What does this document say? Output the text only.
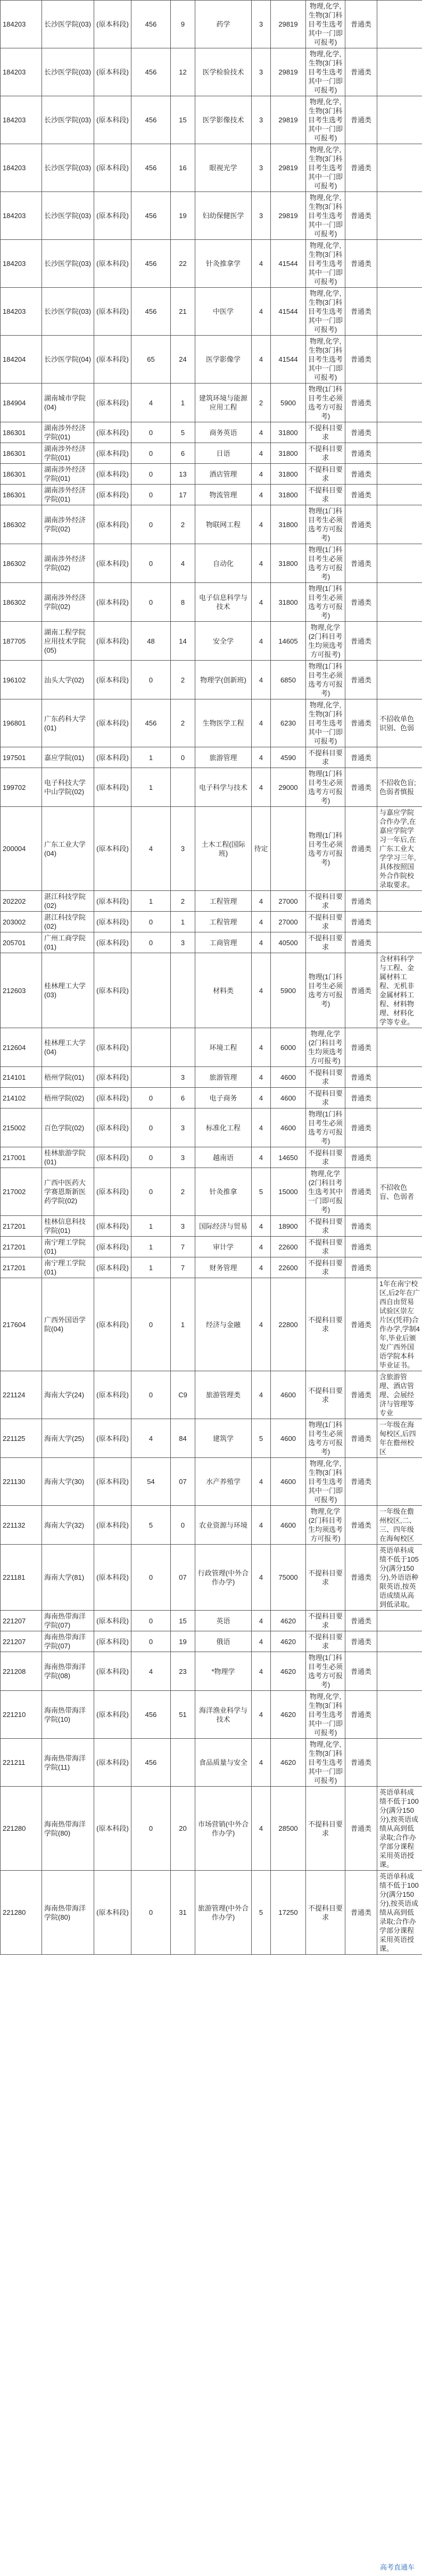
184203	长沙医学院(03)	(原本科段)	456	9	药学	3	29819	物理,化学,生物(3门科目考生选考其中一门即可报考)	普通类	
184203	长沙医学院(03)	(原本科段)	456	12	医学检验技术	3	29819	物理,化学,生物(3门科目考生选考其中一门即可报考)	普通类	
184203	长沙医学院(03)	(原本科段)	456	15	医学影像技术	3	29819	物理,化学,生物(3门科目考生选考其中一门即可报考)	普通类	
184203	长沙医学院(03)	(原本科段)	456	16	眼视光学	3	29819	物理,化学,生物(3门科目考生选考其中一门即可报考)	普通类	
184203	长沙医学院(03)	(原本科段)	456	19	妇幼保健医学	3	29819	物理,化学,生物(3门科目考生选考其中一门即可报考)	普通类	
184203	长沙医学院(03)	(原本科段)	456	22	针灸推拿学	4	41544	物理,化学,生物(3门科目考生选考其中一门即可报考)	普通类	
184203	长沙医学院(03)	(原本科段)	456	21	中医学	4	41544	物理,化学,生物(3门科目考生选考其中一门即可报考)	普通类	
184204	长沙医学院(04)	(原本科段)	65	24	医学影像学	4	41544	物理,化学,生物(3门科目考生选考其中一门即可报考)	普通类	
184904	湖南城市学院(04)	(原本科段)	4	1	建筑环境与能源应用工程	2	5900	物理(1门科目考生必须选考方可报考)	普通类	
186301	湖南涉外经济学院(01)	(原本科段)	0	5	商务英语	4	31800	不提科目要求	普通类	
186301	湖南涉外经济学院(01)	(原本科段)	0	6	日语	4	31800	不提科目要求	普通类	
186301	湖南涉外经济学院(01)	(原本科段)	0	13	酒店管理	4	31800	不提科目要求	普通类	
186301	湖南涉外经济学院(01)	(原本科段)	0	17	物流管理	4	31800	不提科目要求	普通类	
186302	湖南涉外经济学院(02)	(原本科段)	0	2	物联网工程	4	31800	物理(1门科目考生必须选考方可报考)	普通类	
186302	湖南涉外经济学院(02)	(原本科段)	0	4	自动化	4	31800	物理(1门科目考生必须选考方可报考)	普通类	
186302	湖南涉外经济学院(02)	(原本科段)	0	8	电子信息科学与技术	4	31800	物理(1门科目考生必须选考方可报考)	普通类	
187705	湖南工程学院应用技术学院(05)	(原本科段)	48	14	安全学	4	14605	物理,化学(2门科目考生均须选考方可报考)	普通类	
196102	汕头大学(02)	(原本科段)	0	2	物理学(创新班)	4	6850	物理(1门科目考生必须选考方可报考)	普通类	
196801	广东药科大学(01)	(原本科段)	456	2	生物医学工程	4	6230	物理,化学,生物(3门科目考生选考其中一门即可报考)	普通类	不招收单色识别、色弱
197501	嘉应学院(01)	(原本科段)	1	0	旅游管理	4	4590	不提科目要求	普通类	
199702	电子科技大学中山学院(02)	(原本科段)	1		电子科学与技术	4	29000	物理(1门科目考生必须选考方可报考)	普通类	不招收色盲;色弱者慎报
200004	广东工业大学(04)	(原本科段)	4	3	土木工程(国际班)	待定		物理(1门科目考生必须选考方可报考)	普通类	与嘉应学院合作办学,在嘉应学院学习一年后,在广东工业大学学习三年,具体按照国外合作院校录取要求。
202202	湛江科技学院(02)	(原本科段)	1	2	工程管理	4	27000	不提科目要求	普通类	
203002	湛江科技学院(02)	(原本科段)	0	1	工程管理	4	27000	不提科目要求	普通类	
205701	广州工商学院(01)	(原本科段)	0	3	工商管理	4	40500	不提科目要求	普通类	
212603	桂林理工大学(03)	(原本科段)			材料类	4	5900	物理(1门科目考生必须选考方可报考)	普通类	含材料科学与工程、金属材料工程、无机非金属材料工程、材料物理、材料化学等专业。
212604	桂林理工大学(04)	(原本科段)			环境工程	4	6000	物理,化学(2门科目考生均须选考方可报考)	普通类	
214101	梧州学院(01)	(原本科段)		3	旅游管理	4	4600	不提科目要求	普通类	
214102	梧州学院(02)	(原本科段)	0	6	电子商务	4	4600	不提科目要求	普通类	
215002	百色学院(02)	(原本科段)	0	3	标准化工程	4	4600	物理(1门科目考生必须选考方可报考)	普通类	
217001	桂林旅游学院(01)	(原本科段)	0	3	越南语	4	14650	不提科目要求	普通类	
217002	广西中医药大学赛恩斯新医药学院(02)	(原本科段)	0	2	针灸推拿	5	15000	物理,化学(2门科目考生选考其中一门即可报考)	普通类	不招收色盲、色弱者
217201	桂林信息科技学院(01)	(原本科段)	1	3	国际经济与贸易	4	18900	不提科目要求	普通类	
217201	南宁理工学院(01)	(原本科段)	1	7	审计学	4	22600	不提科目要求	普通类	
217201	南宁理工学院(01)	(原本科段)	1	7	财务管理	4	22600	不提科目要求	普通类	
217604	广西外国语学院(04)	(原本科段)	0	1	经济与金融	4	22800	不提科目要求	普通类	1年在南宁校区,后2年在广西自由贸易试验区崇左片区(凭祥)合作办学,学制4年,毕业后颁发广西外国语学院本科毕业证书。
221124	海南大学(24)	(原本科段)	0	C9	旅游管理类	4	4600	不提科目要求	普通类	含旅游管理、酒店管理、会展经济与管理等专业
221125	海南大学(25)	(原本科段)	4	84	建筑学	5	4600	物理(1门科目考生必须选考方可报考)	普通类	一年级在海甸校区,后四年在儋州校区
221130	海南大学(30)	(原本科段)	54	07	水产养殖学	4	4600	物理,化学,生物(3门科目考生选考其中一门即可报考)	普通类	
221132	海南大学(32)	(原本科段)	5	0	农业资源与环境	4	4600	物理,化学(2门科目考生均须选考方可报考)	普通类	一年级在儋州校区,二、三、四年级在海甸校区
221181	海南大学(81)	(原本科段)	0	07	行政管理(中外合作办学)	4	75000	不提科目要求	普通类	英语单科成绩不低于105分(满分150分),外语语种限英语,按英语成绩从高到低录取。
221207	海南热带海洋学院(07)	(原本科段)	0	15	英语	4	4620	不提科目要求	普通类	
221207	海南热带海洋学院(07)	(原本科段)	0	19	俄语	4	4620	不提科目要求	普通类	
221208	海南热带海洋学院(08)	(原本科段)	4	23	*物理学	4	4620	物理(1门科目考生必须选考方可报考)	普通类	
221210	海南热带海洋学院(10)	(原本科段)	456	51	海洋渔业科学与技术	4	4620	物理,化学,生物(3门科目考生选考其中一门即可报考)	普通类	
221211	海南热带海洋学院(11)	(原本科段)	456		食品质量与安全	4	4620	物理,化学,生物(3门科目考生选考其中一门即可报考)	普通类	
221280	海南热带海洋学院(80)	(原本科段)	0	20	市场营销(中外合作办学)	4	28500	不提科目要求	普通类	英语单科成绩不低于100分(满分150分),按英语成绩从高到低录取;合作办学部分课程采用英语授课。
221280	海南热带海洋学院(80)	(原本科段)	0	31	旅游管理(中外合作办学)	5	17250	不提科目要求	普通类	英语单科成绩不低于100分(满分150分),按英语成绩从高到低录取;合作办学部分课程采用英语授课。
高考直通车
